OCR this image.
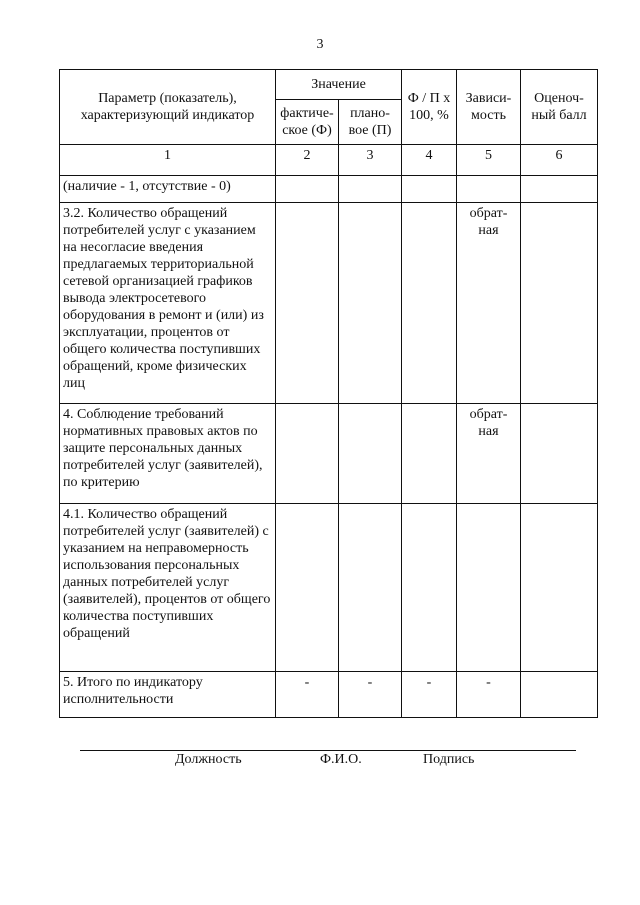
3
Параметр (показатель), характеризующий индикатор	Значение		Ф / П х 100, %	Зависи-мость	Оценоч-ный балл
	фактиче-ское (Ф)	плано-вое (П)			
1	2	3	4	5	6
(наличие - 1, отсутствие - 0)					
3.2. Количество обращений потребителей услуг с указанием на несогласие введения предлагаемых территориальной сетевой организацией графиков вывода электросетевого оборудования в ремонт и (или) из эксплуатации, процентов от общего количества поступивших обращений, кроме физических лиц				обрат-ная	
4. Соблюдение требований нормативных правовых актов по защите персональных данных потребителей услуг (заявителей), по критерию				обрат-ная	
4.1. Количество обращений потребителей услуг (заявителей) с указанием на неправомерность использования персональных данных потребителей услуг (заявителей), процентов от общего количества поступивших обращений					
5. Итого по индикатору исполнительности	-	-	-	-	
Должность	Ф.И.О.	Подпись
